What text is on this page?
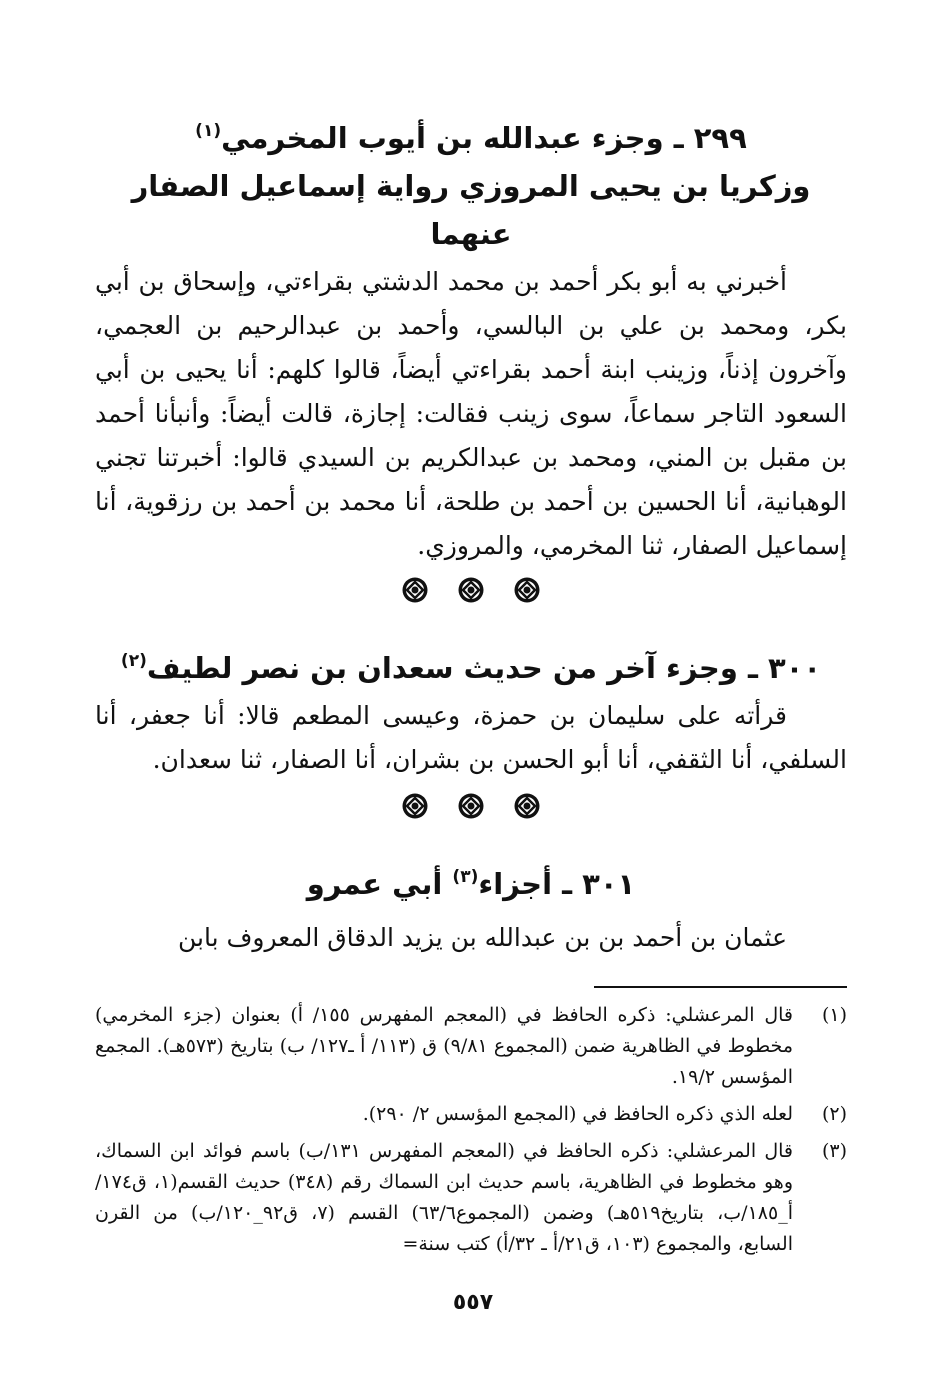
٢٩٩ ـ وجزء عبدالله بن أيوب المخرمي$^{(١)}$
وزكريا بن يحيى المروزي رواية إسماعيل الصفار عنهما

أخبرني به أبو بكر أحمد بن محمد الدشتي بقراءتي، وإسحاق بن أبي بكر، ومحمد بن علي بن البالسي، وأحمد بن عبدالرحيم بن العجمي، وآخرون إذناً، وزينب ابنة أحمد بقراءتي أيضاً، قالوا كلهم: أنا يحيى بن أبي السعود التاجر سماعاً، سوى زينب فقالت: إجازة، قالت أيضاً: وأنبأنا أحمد بن مقبل بن المني، ومحمد بن عبدالكريم بن السيدي قالوا: أخبرتنا تجني الوهبانية، أنا الحسين بن أحمد بن طلحة، أنا محمد بن أحمد بن رزقوية، أنا إسماعيل الصفار، ثنا المخرمي، والمروزي.

٣٠٠ ـ وجزء آخر من حديث سعدان بن نصر لطيف$^{(٢)}$

قرأته على سليمان بن حمزة، وعيسى المطعم قالا: أنا جعفر، أنا السلفي، أنا الثقفي، أنا أبو الحسن بن بشران، أنا الصفار، ثنا سعدان.

٣٠١ ـ أجزاء$^{(٣)}$ أبي عمرو

عثمان بن أحمد بن بن عبدالله بن يزيد الدقاق المعروف بابن

(١)
قال المرعشلي: ذكره الحافظ في (المعجم المفهرس ١٥٥/ أ) بعنوان (جزء المخرمي) مخطوط في الظاهرية ضمن (المجموع ٩/٨١) ق (١١٣/ أ ـ١٢٧/ ب) بتاريخ (٥٧٣هـ). المجمع المؤسس ١٩/٢.
(٢)
لعله الذي ذكره الحافظ في (المجمع المؤسس ٢/ ٢٩٠).
(٣)
قال المرعشلي: ذكره الحافظ في (المعجم المفهرس ١٣١/ب) باسم فوائد ابن السماك، وهو مخطوط في الظاهرية، باسم حديث ابن السماك رقم (٣٤٨) حديث القسم(١، ق١٧٤/أ_١٨٥/ب، بتاريخ٥١٩هـ) وضمن (المجموع٦٣/٦) القسم (٧، ق٩٢_١٢٠/ب) من القرن السابع، والمجموع (١٠٣، ق٢١/أ ـ ٣٢/أ) كتب سنة=
٥٥٧
